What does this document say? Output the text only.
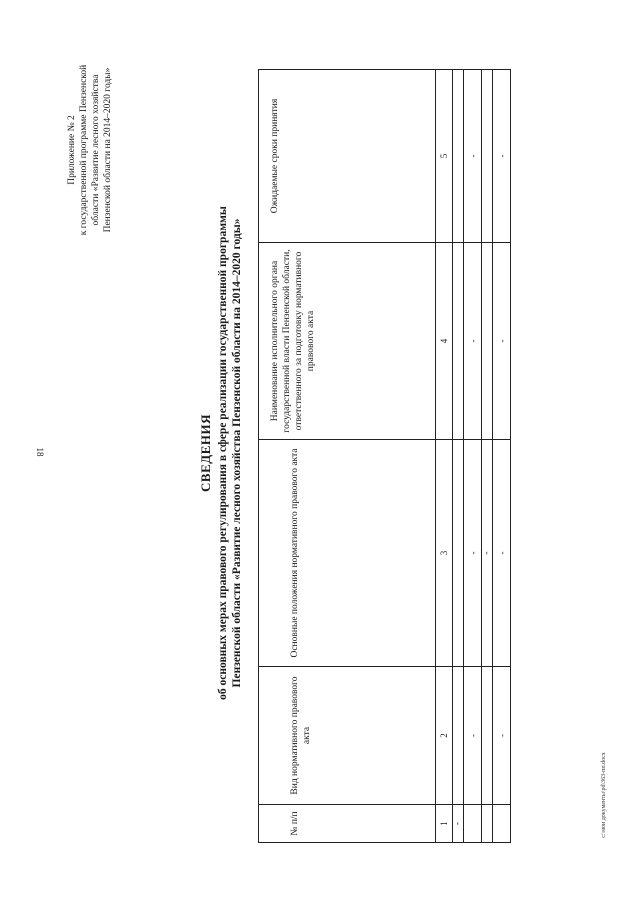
18
Приложение № 2 к государственной программе Пензенской области «Развитие лесного хозяйства Пензенской области на 2014–2020 годы»
СВЕДЕНИЯ об основных мерах правового регулирования в сфере реализации государственной программы Пензенской области «Развитие лесного хозяйства Пензенской области на 2014–2020 годы»
№ п/п	Вид нормативного правового акта	Основные положения нормативного правового акта	Наименование исполнительного органа государственной власти Пензенской области, ответственного за подготовку нормативного правового акта	Ожидаемые сроки принятия
1	2	3	4	5
-				
	-	-	-	-
		-		
	-	-	-	-
c:\мои документы\pd\363-пп.docx
